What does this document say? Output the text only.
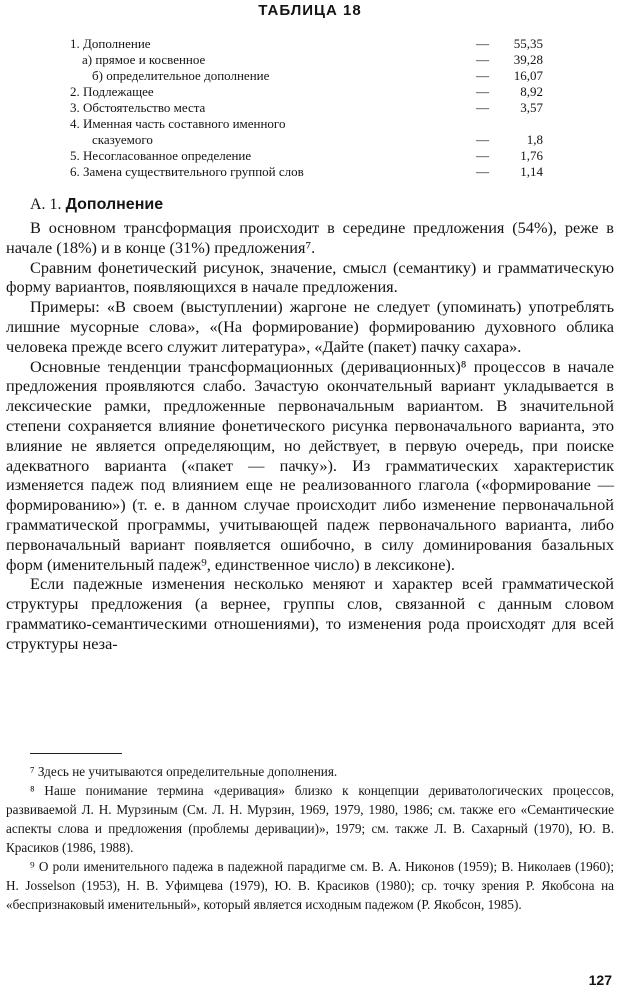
ТАБЛИЦА 18
1. Дополнение	— 55,35
а) прямое и косвенное	— 39,28
б) определительное дополнение	— 16,07
2. Подлежащее	— 8,92
3. Обстоятельство места	— 3,57
4. Именная часть составного именного
сказуемого	—	1,8
5. Несогласованное определение	— 1,76
6. Замена существительного группой слов	— 1,14
А. 1. Дополнение

В основном трансформация происходит в середине предложения (54%), реже в начале (18%) и в конце (31%) предложения⁷.

Сравним фонетический рисунок, значение, смысл (семантику) и грамматическую форму вариантов, появляющихся в начале предложения.

Примеры: «В своем (выступлении) жаргоне не следует (упоминать) употреблять лишние мусорные слова», «(На формирование) формированию духовного облика человека прежде всего служит литература», «Дайте (пакет) пачку сахара».

Основные тенденции трансформационных (деривационных)⁸ процессов в начале предложения проявляются слабо. Зачастую окончательный вариант укладывается в лексические рамки, предложенные первоначальным вариантом. В значительной степени сохраняется влияние фонетического рисунка первоначального варианта, это влияние не является определяющим, но действует, в первую очередь, при поиске адекватного варианта («пакет — пачку»). Из грамматических характеристик изменяется падеж под влиянием еще не реализованного глагола («формирование — формированию») (т. е. в данном случае происходит либо изменение первоначальной грамматической программы, учитывающей падеж первоначального варианта, либо первоначальный вариант появляется ошибочно, в силу доминирования базальных форм (именительный падеж⁹, единственное число) в лексиконе).

Если падежные изменения несколько меняют и характер всей грамматической структуры предложения (а вернее, группы слов, связанной с данным словом грамматико-семантическими отношениями), то изменения рода происходят для всей структуры неза-

⁷ Здесь не учитываются определительные дополнения.

⁸ Наше понимание термина «деривация» близко к концепции дериватологических процессов, развиваемой Л. Н. Мурзиным (См. Л. Н. Мурзин, 1969, 1979, 1980, 1986; см. также его «Семантические аспекты слова и предложения (проблемы деривации)», 1979; см. также Л. В. Сахарный (1970), Ю. В. Красиков (1986, 1988).

⁹ О роли именительного падежа в падежной парадигме см. В. А. Никонов (1959); В. Николаев (1960); H. Josselson (1953), Н. В. Уфимцева (1979), Ю. В. Красиков (1980); ср. точку зрения Р. Якобсона на «беспризнаковый именительный», который является исходным падежом (Р. Якобсон, 1985).

127
